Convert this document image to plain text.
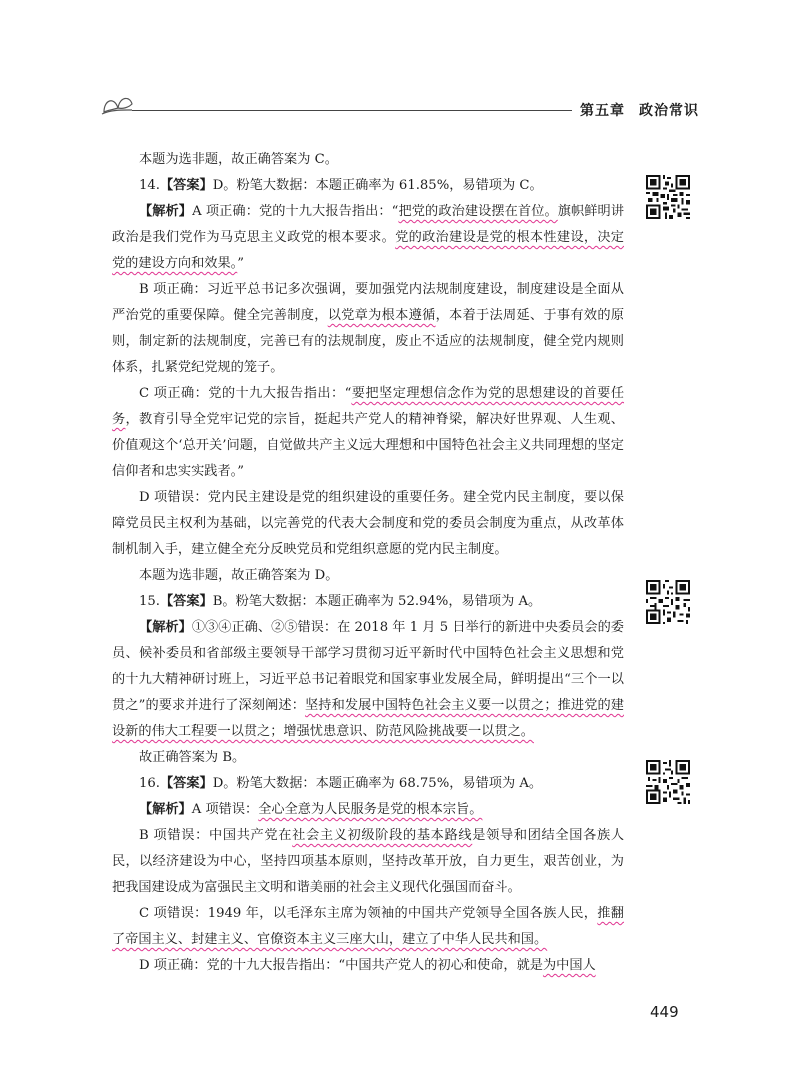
第五章 政治常识

本题为选非题，故正确答案为 C。

14.【答案】D。粉笔大数据：本题正确率为 61.85%，易错项为 C。

【解析】A 项正确：党的十九大报告指出：“把党的政治建设摆在首位。旗帜鲜明讲政治是我们党作为马克思主义政党的根本要求。党的政治建设是党的根本性建设，决定党的建设方向和效果。”

B 项正确：习近平总书记多次强调，要加强党内法规制度建设，制度建设是全面从严治党的重要保障。健全完善制度，以党章为根本遵循，本着于法周延、于事有效的原则，制定新的法规制度，完善已有的法规制度，废止不适应的法规制度，健全党内规则体系，扎紧党纪党规的笼子。

C 项正确：党的十九大报告指出：“要把坚定理想信念作为党的思想建设的首要任务，教育引导全党牢记党的宗旨，挺起共产党人的精神脊梁，解决好世界观、人生观、价值观这个‘总开关’问题，自觉做共产主义远大理想和中国特色社会主义共同理想的坚定信仰者和忠实实践者。”

D 项错误：党内民主建设是党的组织建设的重要任务。建全党内民主制度，要以保障党员民主权利为基础，以完善党的代表大会制度和党的委员会制度为重点，从改革体制机制入手，建立健全充分反映党员和党组织意愿的党内民主制度。

本题为选非题，故正确答案为 D。

15.【答案】B。粉笔大数据：本题正确率为 52.94%，易错项为 A。

【解析】①③④正确、②⑤错误：在 2018 年 1 月 5 日举行的新进中央委员会的委员、候补委员和省部级主要领导干部学习贯彻习近平新时代中国特色社会主义思想和党的十九大精神研讨班上，习近平总书记着眼党和国家事业发展全局，鲜明提出“三个一以贯之”的要求并进行了深刻阐述：坚持和发展中国特色社会主义要一以贯之；推进党的建设新的伟大工程要一以贯之；增强忧患意识、防范风险挑战要一以贯之。

故正确答案为 B。

16.【答案】D。粉笔大数据：本题正确率为 68.75%，易错项为 A。

【解析】A 项错误：全心全意为人民服务是党的根本宗旨。

B 项错误：中国共产党在社会主义初级阶段的基本路线是领导和团结全国各族人民，以经济建设为中心，坚持四项基本原则，坚持改革开放，自力更生，艰苦创业，为把我国建设成为富强民主文明和谐美丽的社会主义现代化强国而奋斗。

C 项错误：1949 年，以毛泽东主席为领袖的中国共产党领导全国各族人民，推翻了帝国主义、封建主义、官僚资本主义三座大山，建立了中华人民共和国。

D 项正确：党的十九大报告指出：“中国共产党人的初心和使命，就是为中国人

449
